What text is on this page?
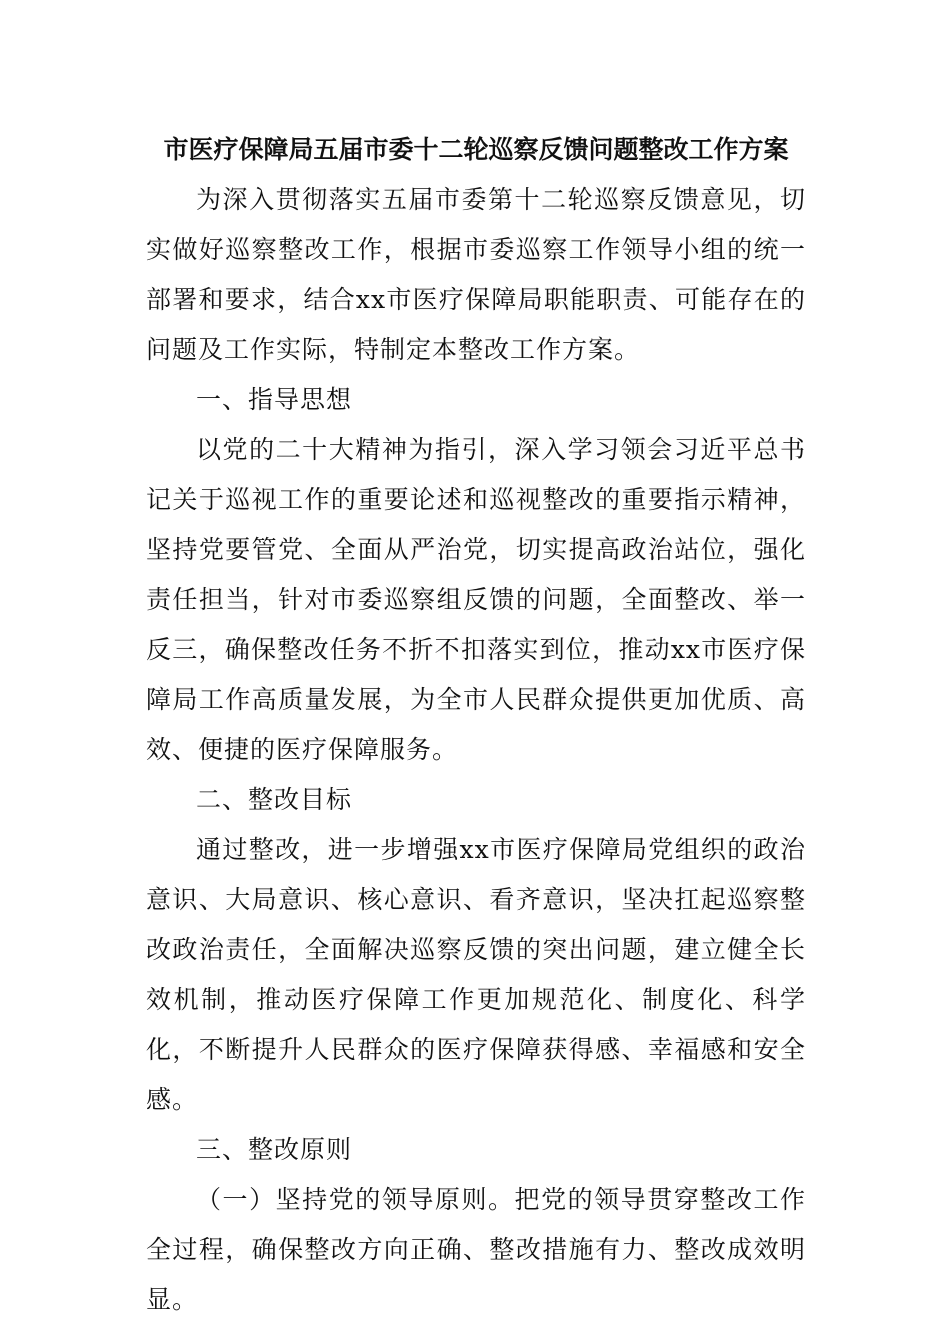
市医疗保障局五届市委十二轮巡察反馈问题整改工作方案

为深入贯彻落实五届市委第十二轮巡察反馈意见，切实做好巡察整改工作，根据市委巡察工作领导小组的统一部署和要求，结合xx市医疗保障局职能职责、可能存在的问题及工作实际，特制定本整改工作方案。

一、指导思想

以党的二十大精神为指引，深入学习领会习近平总书记关于巡视工作的重要论述和巡视整改的重要指示精神，坚持党要管党、全面从严治党，切实提高政治站位，强化责任担当，针对市委巡察组反馈的问题，全面整改、举一反三，确保整改任务不折不扣落实到位，推动xx市医疗保障局工作高质量发展，为全市人民群众提供更加优质、高效、便捷的医疗保障服务。

二、整改目标

通过整改，进一步增强xx市医疗保障局党组织的政治意识、大局意识、核心意识、看齐意识，坚决扛起巡察整改政治责任，全面解决巡察反馈的突出问题，建立健全长效机制，推动医疗保障工作更加规范化、制度化、科学化，不断提升人民群众的医疗保障获得感、幸福感和安全感。

三、整改原则

（一）坚持党的领导原则。把党的领导贯穿整改工作全过程，确保整改方向正确、整改措施有力、整改成效明显。
